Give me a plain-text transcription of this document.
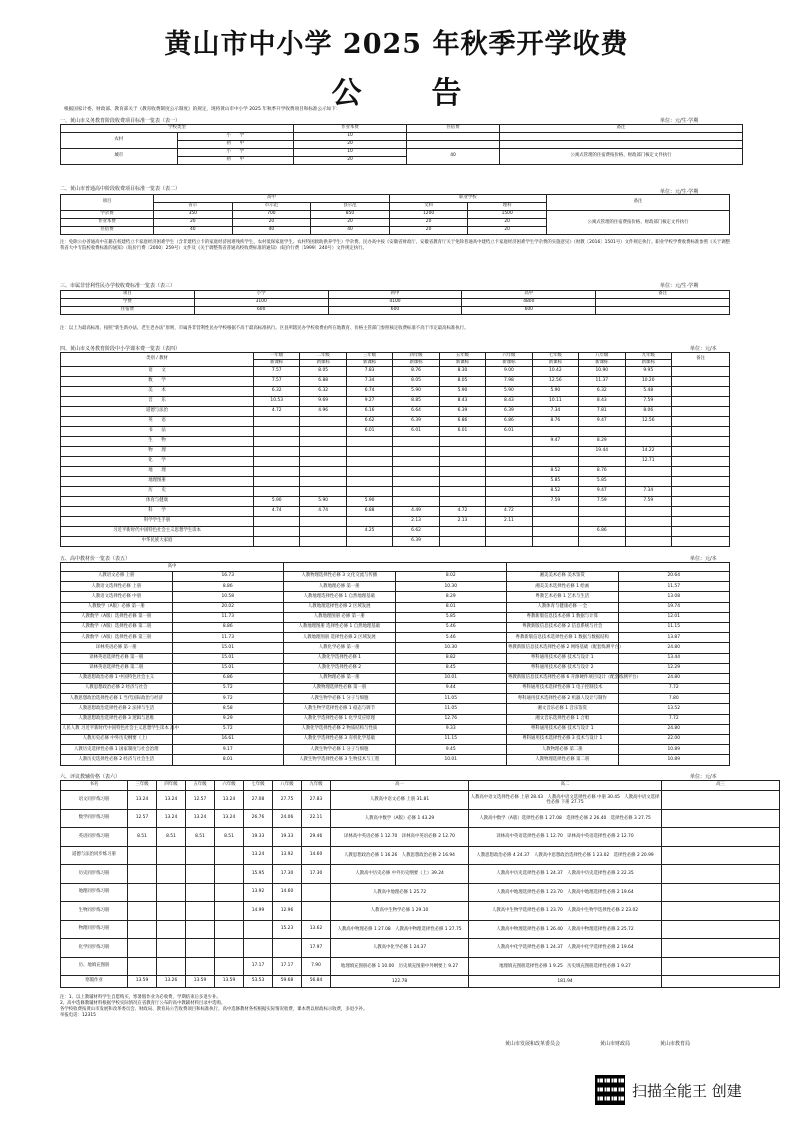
黄山市中小学 2025 年秋季开学收费
公告
根据国家计委、财政部、教育部关于《教育收费制度公示制度》的规定，现将黄山市中小学 2025 年秋季开学收费项目和标准公示如下：
一、黄山市义务教育阶段收费项目标准一览表（表一）	单位：元/生·学期
学校类型		作业本费	住宿费	备注
农村	小　　学	10		
	初　　中	20		
城市	小　　学	10	40	公寓式管理的住宿费按价格、财政部门核定文件执行
	初　　中	20		
二、黄山市普通高中阶段收费项目标准一览表（表二）	单位：元/生·学期
项目	高中			职业学校		备注
	省示	市示范	县示范	文科	理科	
学杂费	350	700	850	1200	1500	公寓式管理的住宿费按价格、财政部门核定文件执行
作业本费	20	20	20	20	20	
住宿费	40	40	40	20	20	
注：免除公办普通高中在籍在校建档立卡家庭经济困难学生（含非建档立卡的家庭经济困难残疾学生、农村低保家庭学生、农村特困救助供养学生）学杂费。民办高中按《安徽省财政厅、安徽省教育厅关于免除普通高中建档立卡家庭经济困难学生学杂费的实施意见》（财教〔2016〕1501号）文件规定执行。职业学校学费收费标准参照《关于调整我省大中专院校收费标准的通知》（皖价行费〔2000〕259号）文件及《关于调整我省普通高校收费标准的通知》（皖价行费〔1999〕240号）文件规定执行。
三、市属非营利性民办学校收费标准一览表（表三）	单位：元/生·学期
项目	小学	初中	高中	备注
学费	3100	4100	4800	
住宿费	600	600	600	
注：以上为最高标准，按照“新生新办法、老生老办法”原则，市属各非营利性民办学校根据不高于最高标准执行。区县所辖民办学校收费由所在地教育、价格主管部门参照核定收费标准不高于市定最高标准执行。
四、黄山市义务教育阶段中小学课本费一览表（表四）	单位：元/本
类别 / 教材	一年级	二年级	三年级	四年级	五年级	六年级	七年级	八年级	九年级	备注
	新课标	新课标	新课标	新课标	新课标	新课标	新课标	新课标	新课标	
语　　文	7.57	8.05	7.83	8.76	8.30	9.00	10.42	10.90	9.95	
数　　学	7.57	6.88	7.34	8.05	8.05	7.98	12.56	11.37	10.20	
美　　术	6.32	6.32	6.74	5.90	5.90	5.90	5.90	6.32	5.48	
音　　乐	10.53	9.69	9.27	8.85	8.43	8.43	10.11	8.43	7.59	
道德与法治	4.72	4.96	6.16	6.64	6.39	6.39	7.34	7.81	8.06	
英　　语			6.62	6.39	6.86	6.86	8.76	9.47	12.56	
书　　法			6.01	6.01	6.01	6.01				
生　　物							9.47	8.29		
物　　理								19.44	14.22	
化　　学									12.71	
地　　理							8.52	8.76		
地理图册							5.85	5.85		
历　　史							8.52	9.47	7.34	
体育与健康	5.90	5.90	5.90				7.59	7.59	7.59	
科　　学	4.74	4.74	6.88	4.49	4.72	4.72				
科学学生手册				2.13	2.13	2.11				
习近平新时代中国特色社会主义思想学生读本			4.25	6.62				6.86		
中华民族大家庭				6.39						
五、高中教材价一览表（表五）	单位：元/本
高中					
人教语文必修 上册	16.73	人教物理选择性必修 3 文化交流与传播	8.02	湘美美术必修 美术鉴赏	20.64
人教语文选择性必修 上册	8.86	人教地理必修 第一册	10.30	湘美美术选择性必修 1 绘画	11.57
人教语文选择性必修 中册	10.58	人教地理选择性必修 1 自然地理基础	8.29	粤教艺术必修 1 艺术与生活	13.08
人教数学（A版）必修 第一册	20.02	人教地理选择性必修 2 区域发展	8.01	人教体育与健康必修 一全	19.74
人教数学（A版）选择性必修 第一册	11.73	人教地理图册 必修 第一册	5.85	粤教新版信息技术必修 1 数据与计算	12.01
人教数学（A版）选择性必修 第二册	8.86	人教地理图册 选择性必修 1 自然地理基础	5.46	粤教新版信息技术必修 2 信息系统与社会	11.15
人教数学（A版）选择性必修 第三册	11.73	人教地理图册 选择性必修 2 区域发展	5.46	粤教新版信息技术选择性必修 1 数据与数据结构	13.87
译林英语必修 第一册	15.01	人教化学必修 第一册	10.30	粤教新版信息技术选择性必修 2 网络基础（配套练测平台）	24.80
译林英语选择性必修 第一册	15.01	人教化学选择性必修 1	8.82	粤科通用技术必修 技术与设计 1	13.44
译林英语选择性必修 第二册	15.01	人教化学选择性必修 2	8.45	粤科通用技术必修 技术与设计 2	12.29
人教思想政治必修 1 中国特色社会主义	6.86	人教物理必修 第一册	10.01	粤教新版信息技术选择性必修 6 开源硬件项目设计（配套练测平台）	24.80
人教思想政治必修 2 经济与社会	5.72	人教物理选择性必修 第一册	9.44	粤科通用技术选择性必修 1 电子控制技术	7.72
人教思想政治选择性必修 1 当代国际政治与经济	9.72	人教生物学必修 1 分子与细胞	11.05	粤科通用技术选择性必修 2 机器人设计与制作	7.80
人教思想政治选择性必修 2 法律与生活	8.58	人教生物学选择性必修 1 稳态与调节	11.05	湘文音乐必修 1 音乐鉴赏	13.52
人教思想政治选择性必修 3 逻辑与思维	9.29	人教化学选择性必修 1 化学反应原理	12.76	湘文音乐选择性必修 1 合唱	7.72
人民人教 习近平新时代中国特色社会主义思想学生读本 高中	5.72	人教化学选择性必修 2 物质结构与性质	9.33	粤科通用技术必修 技术与设计 1	24.80
人教历史必修 中外历史纲要（上）	16.61	人教化学选择性必修 3 有机化学基础	11.15	粤科通用技术选择性必修 3 技术与设计 1	22.00
人教历史选择性必修 1 国家制度与社会治理	9.17	人教生物学必修 1 分子与细胞	9.45	人教物理必修 第二册	10.89
人教历史选择性必修 2 经济与社会生活	8.01	人教生物学选择性必修 3 生物技术与工程	10.01	人教物理选择性必修 第二册	10.89
六、评议教辅价格（表六）	单位：元/本
书名	三年级	四年级	五年级	六年级	七年级	八年级	九年级	高一	高二	高三
语文同步练习册	13.24	13.24	12.57	13.24	27.08	27.75	27.83	人教高中语文必修 上册 31.81	人教高中语文选择性必修 上册 28.43　人教高中语文选择性必修 中册 30.45　人教高中语文选择性必修 下册 27.75	
数学同步练习册	12.57	13.24	13.24	13.24	26.76	24.06	22.11	人教高中数学（A版）必修 1 43.29	人教高中数学（A版）选择性必修 1 27.08　选择性必修 2 26.40　选择性必修 3 27.75	
英语同步练习册	8.51	8.51	8.51	8.51	19.33	19.33	29.46	译林高中英语必修 1 12.70　译林高中英语必修 2 12.70	译林高中英语选择性必修 1 12.70　译林高中英语选择性必修 2 12.70	
道德与法治同步练习册					13.24	13.92	14.60	人教思想政治必修 1 16.26　人教思想政治必修 2 16.94	人教思想政治必修 4 24.37　人教高中思想政治选择性必修 1 23.02　选择性必修 2 20.99	
历史同步练习册					15.95	17.30	17.30	人教高中历史必修 中外历史纲要（上）39.24	人教高中历史选择性必修 1 24.37　人教高中历史选择性必修 2 22.35	
地理同步练习册					13.92	14.60		人教高中地理必修 1 25.72	人教高中地理选择性必修 1 23.70　人教高中地理选择性必修 2 19.64	
生物同步练习册					14.99	12.96		人教高中生物学必修 1 29.10	人教高中生物学选择性必修 1 23.70　人教高中生物学选择性必修 2 23.02	
物理同步练习册						15.23	13.62	人教高中物理必修 1 27.08　人教高中物理选择性必修 1 27.75	人教高中物理选择性必修 1 26.40　人教高中物理选择性必修 2 25.72	
化学同步练习册							17.97	人教高中化学必修 1 24.37	人教高中化学选择性必修 1 24.37　人教高中化学选择性必修 2 19.64	
历、地填充图册					17.17	17.17	7.90	地理填充图册必修 1 10.00　历史填充图册中外纲要上 9.27	地理填充图册选择性必修 1 9.25　历史填充图册选择性必修 1 9.27	
寒假作业	13.59	13.26	13.59	13.59	53.53	59.68	56.84	122.78	181.94	
注：1、以上教辅材料学生自愿购买，寒暑假作业为必收费，学期结束后多退少补。
2、高中选修教辅材料根据学校实际情况在省教育厅公布的高中教辅材料目录中选购。
各学校收费按黄山市发展和改革委员会、财政局、教育局公告收费项目和标准执行，高中选修教材各校根据实际情况收费，课本费以财政标示收费，多退少补。
举报电话：12315
黄山市发展和改革委员会	黄山市财政局	黄山市教育局
扫描全能王 创建
